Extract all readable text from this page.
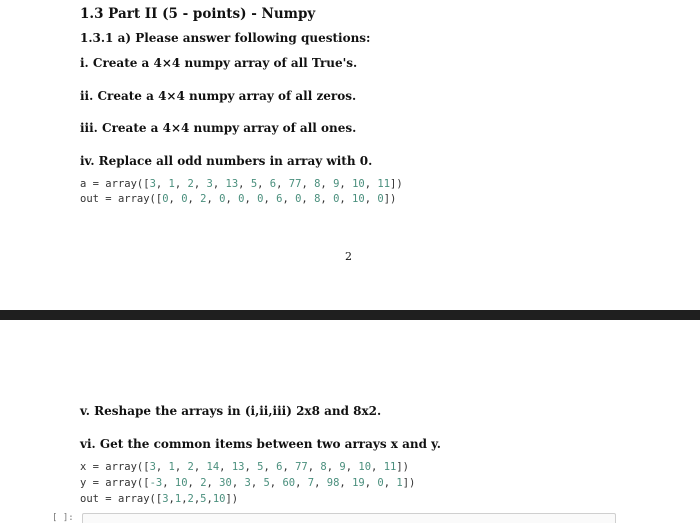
1.3 Part II (5 - points) - Numpy
1.3.1 a) Please answer following questions:
i. Create a 4×4 numpy array of all True's.
ii. Create a 4×4 numpy array of all zeros.
iii. Create a 4×4 numpy array of all ones.
iv. Replace all odd numbers in array with 0.
a = array([3, 1, 2, 3, 13, 5, 6, 77, 8, 9, 10, 11])
out = array([0, 0, 2, 0, 0, 0, 6, 0, 8, 0, 10, 0])
2
v. Reshape the arrays in (i,ii,iii) 2x8 and 8x2.
vi. Get the common items between two arrays x and y.
x = array([3, 1, 2, 14, 13, 5, 6, 77, 8, 9, 10, 11])
y = array([-3, 10, 2, 30, 3, 5, 60, 7, 98, 19, 0, 1])
out = array([3,1,2,5,10])
[ ]:
